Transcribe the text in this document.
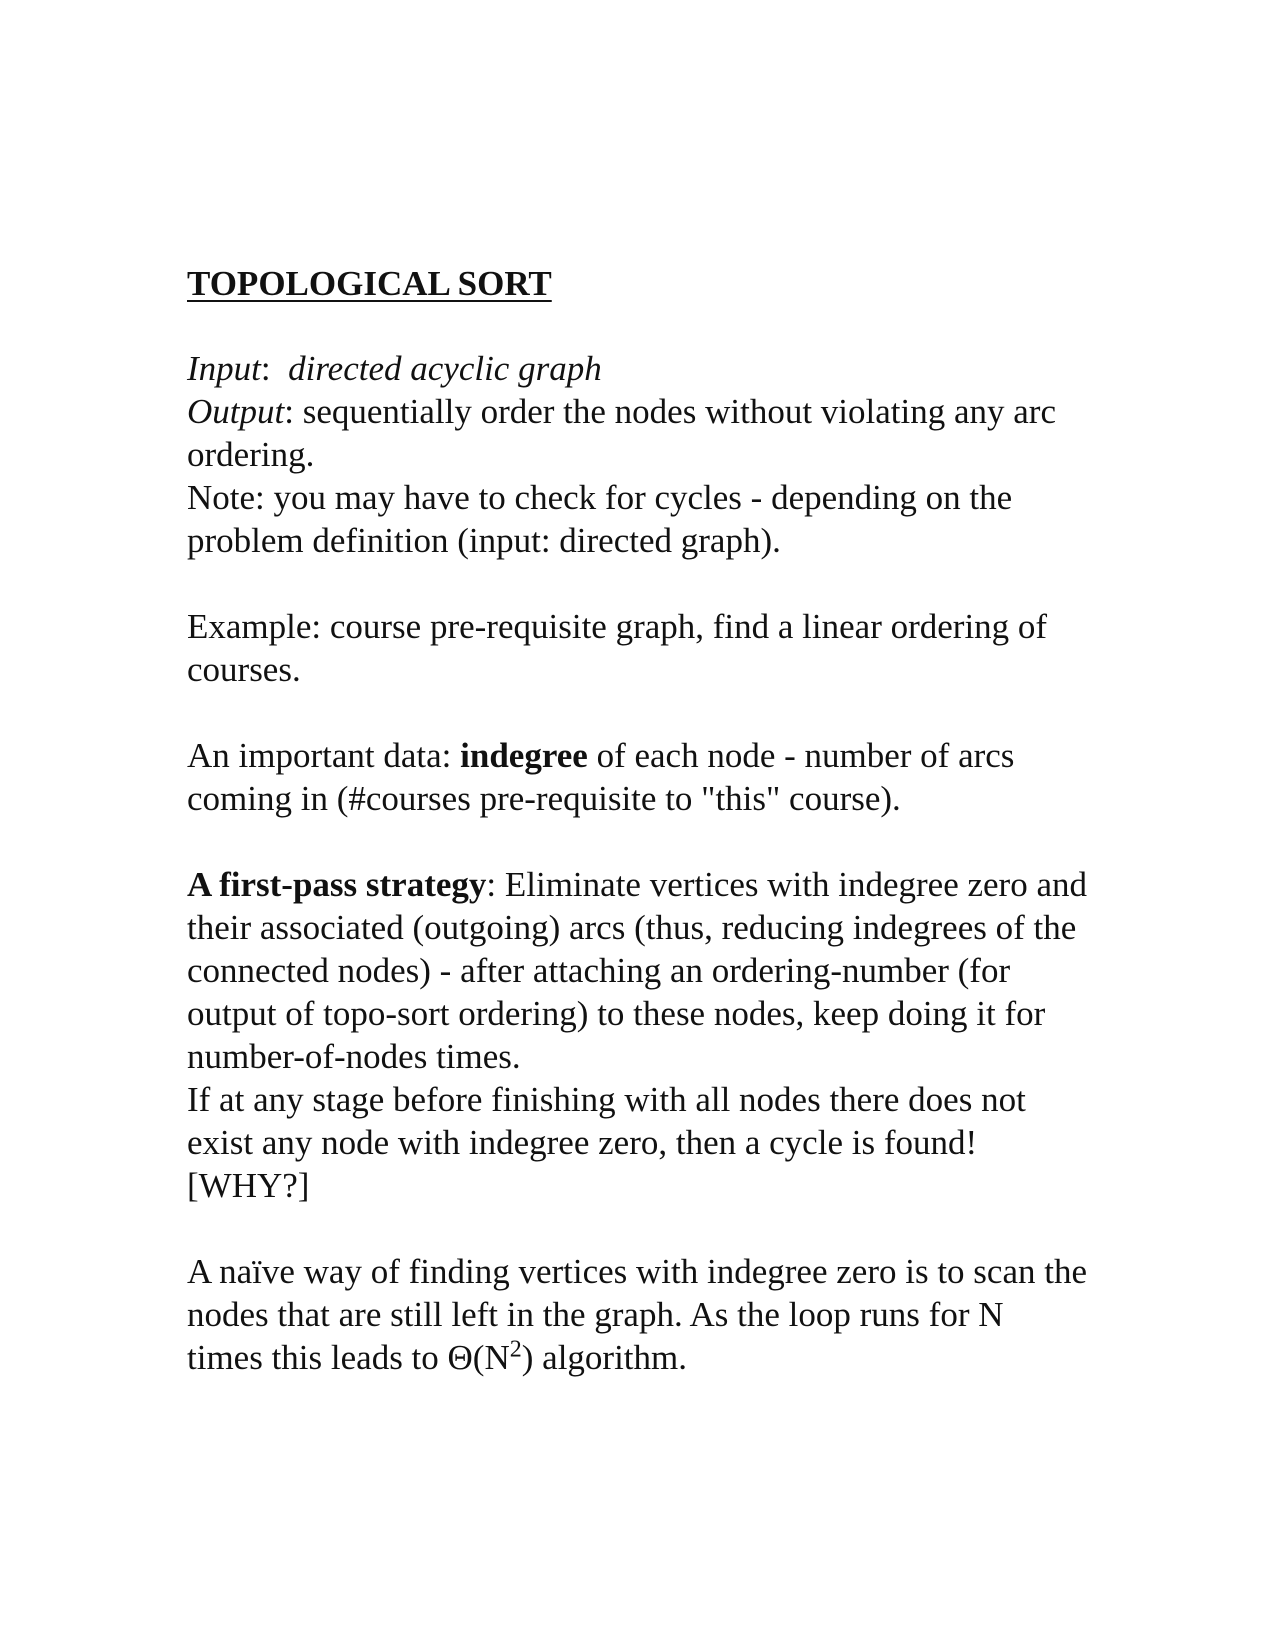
TOPOLOGICAL SORT

Input:  directed acyclic graph

Output: sequentially order the nodes without violating any arc ordering.

Note: you may have to check for cycles - depending on the problem definition (input: directed graph).

Example: course pre-requisite graph, find a linear ordering of courses.

An important data: indegree of each node - number of arcs coming in (#courses pre-requisite to "this" course).

A first-pass strategy: Eliminate vertices with indegree zero and their associated (outgoing) arcs (thus, reducing indegrees of the connected nodes) - after attaching an ordering-number (for output of topo-sort ordering) to these nodes, keep doing it for number-of-nodes times.

If at any stage before finishing with all nodes there does not exist any node with indegree zero, then a cycle is found! [WHY?]

A naïve way of finding vertices with indegree zero is to scan the nodes that are still left in the graph. As the loop runs for N times this leads to $\Theta(N^2)$ algorithm.
